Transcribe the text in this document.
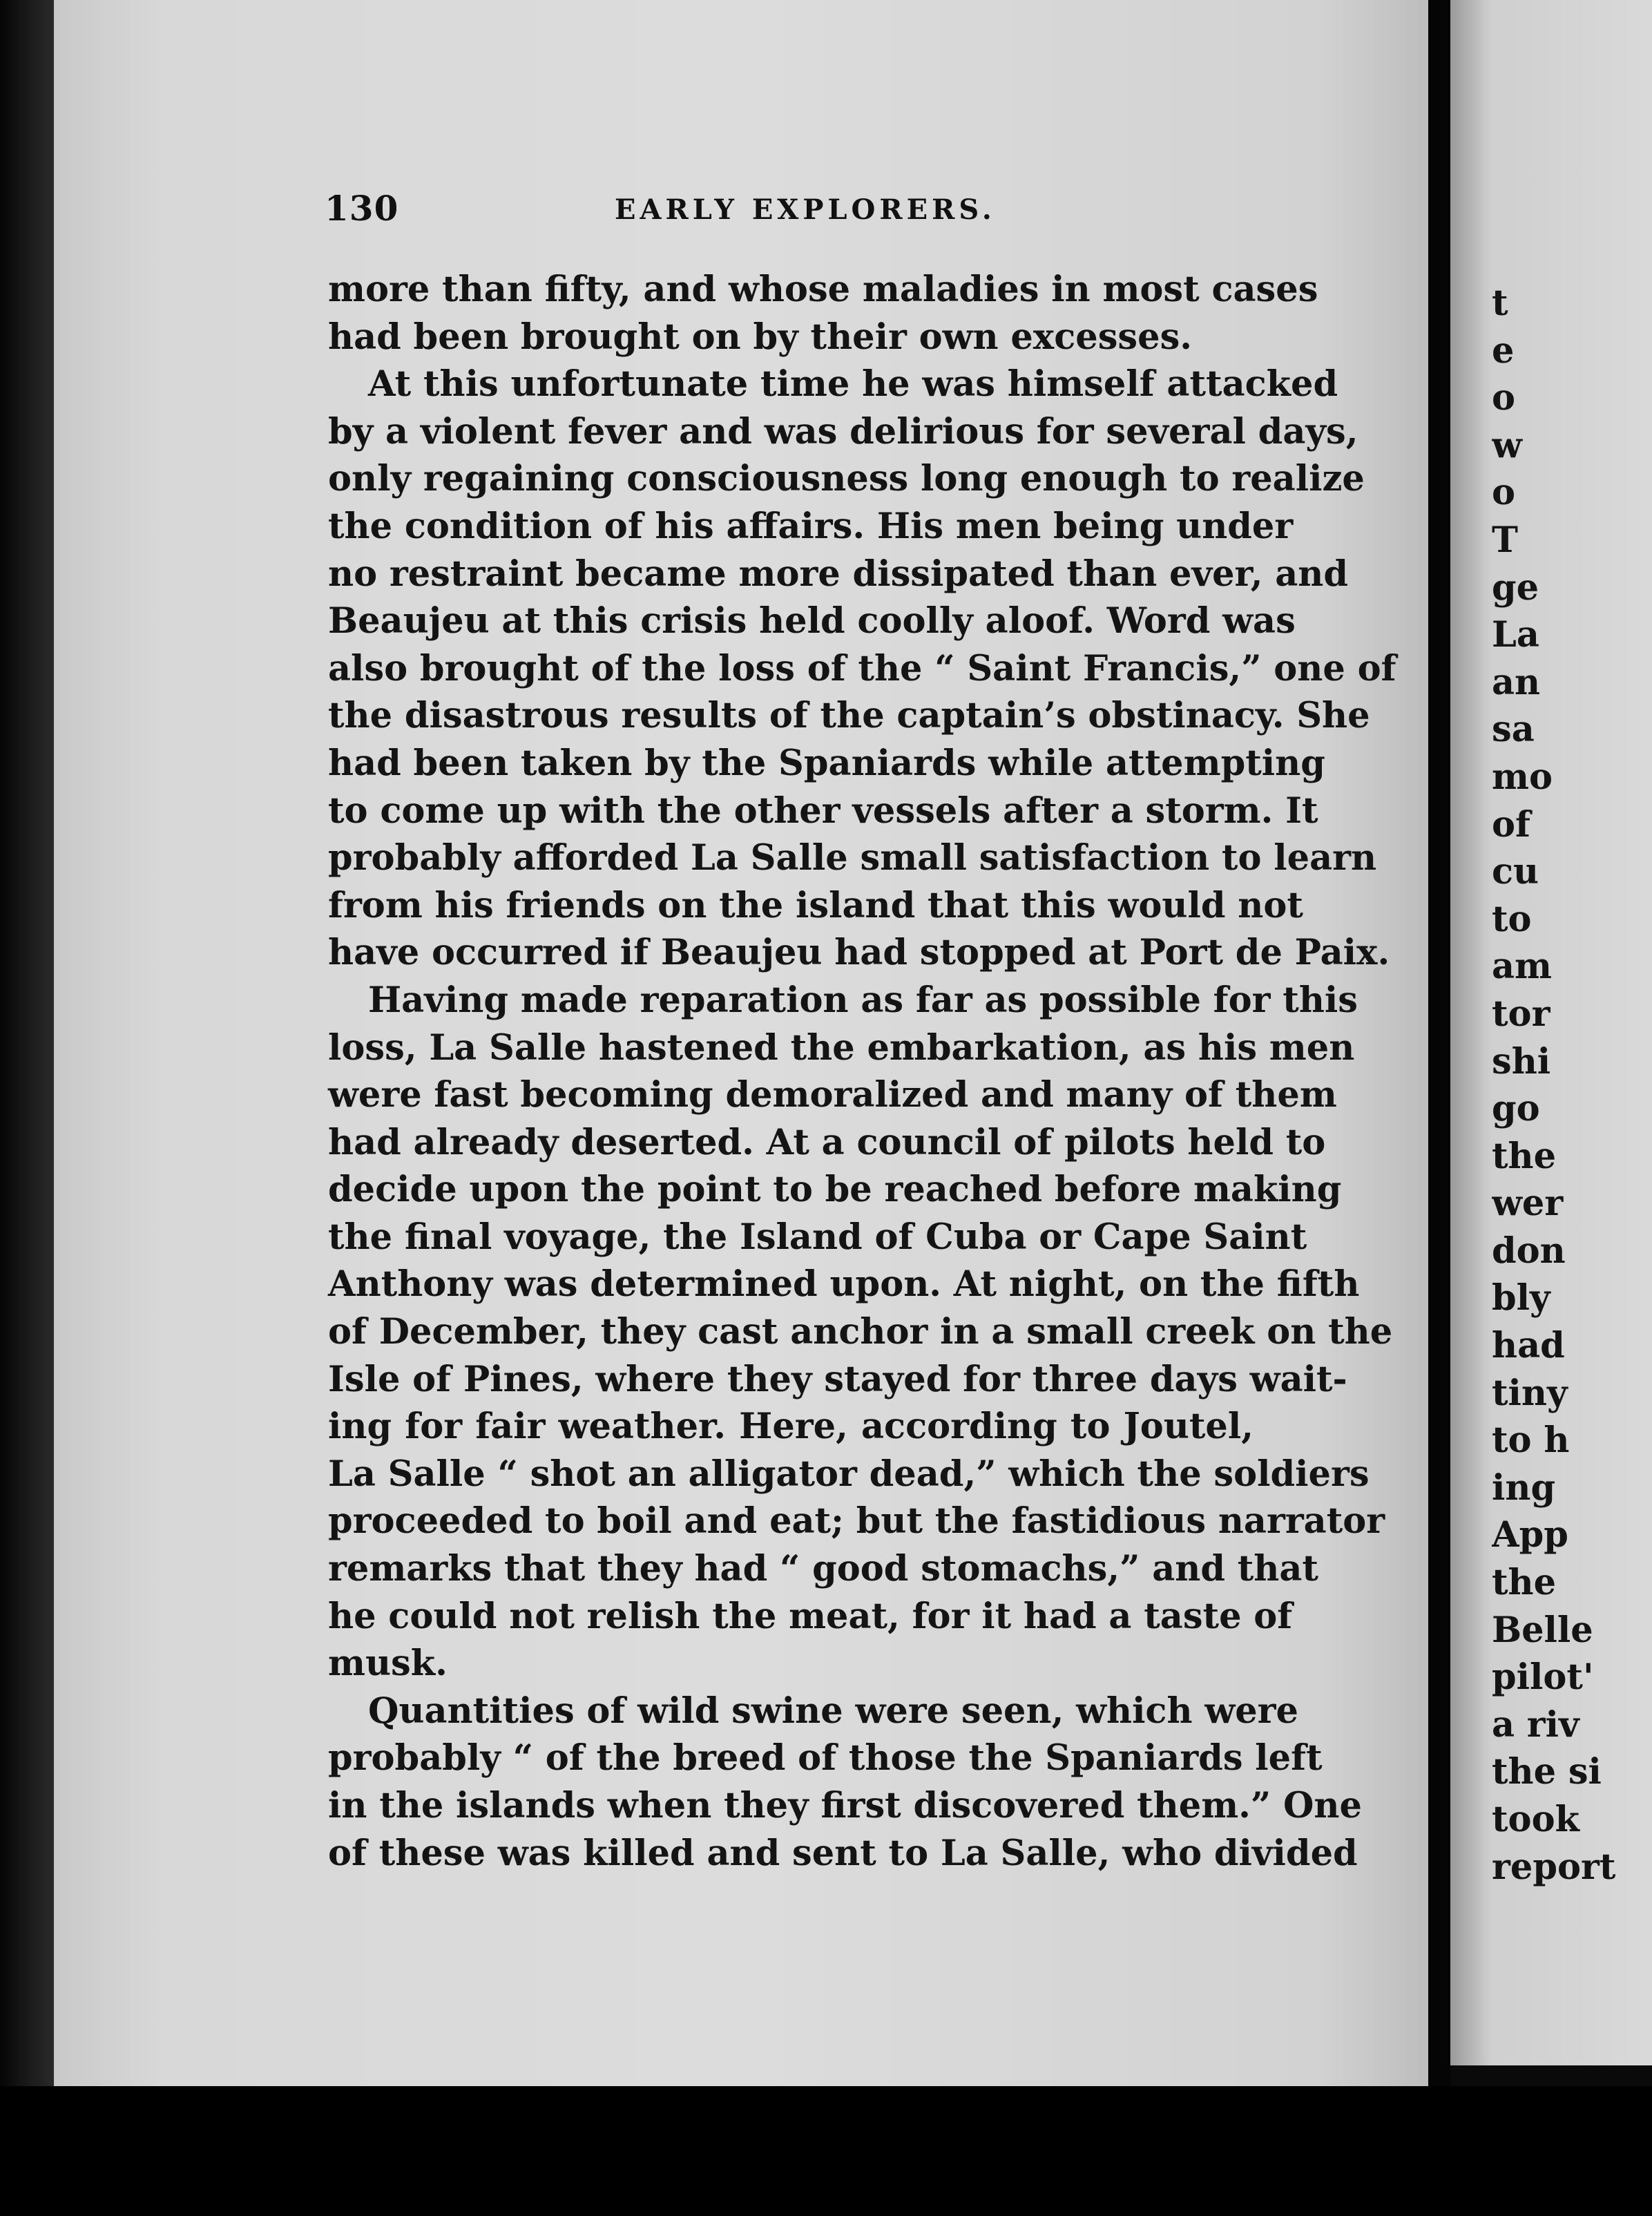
130	EARLY EXPLORERS.
more than fifty, and whose maladies in most cases
had been brought on by their own excesses.
At this unfortunate time he was himself attacked
by a violent fever and was delirious for several days,
only regaining consciousness long enough to realize
the condition of his affairs. His men being under
no restraint became more dissipated than ever, and
Beaujeu at this crisis held coolly aloof. Word was
also brought of the loss of the “ Saint Francis,” one of
the disastrous results of the captain’s obstinacy. She
had been taken by the Spaniards while attempting
to come up with the other vessels after a storm. It
probably afforded La Salle small satisfaction to learn
from his friends on the island that this would not
have occurred if Beaujeu had stopped at Port de Paix.
Having made reparation as far as possible for this
loss, La Salle hastened the embarkation, as his men
were fast becoming demoralized and many of them
had already deserted. At a council of pilots held to
decide upon the point to be reached before making
the final voyage, the Island of Cuba or Cape Saint
Anthony was determined upon. At night, on the fifth
of December, they cast anchor in a small creek on the
Isle of Pines, where they stayed for three days wait-
ing for fair weather. Here, according to Joutel,
La Salle “ shot an alligator dead,” which the soldiers
proceeded to boil and eat; but the fastidious narrator
remarks that they had “ good stomachs,” and that
he could not relish the meat, for it had a taste of
musk.
Quantities of wild swine were seen, which were
probably “ of the breed of those the Spaniards left
in the islands when they first discovered them.” One
of these was killed and sent to La Salle, who divided
t
e
o
w
o
T
ge
La
an
sa
mo
of
cu
to
am
tor
shi
go
the
wer
don
bly
had
tiny
to h
ing
App
the
Belle
pilot'
a riv
the si
took
report
